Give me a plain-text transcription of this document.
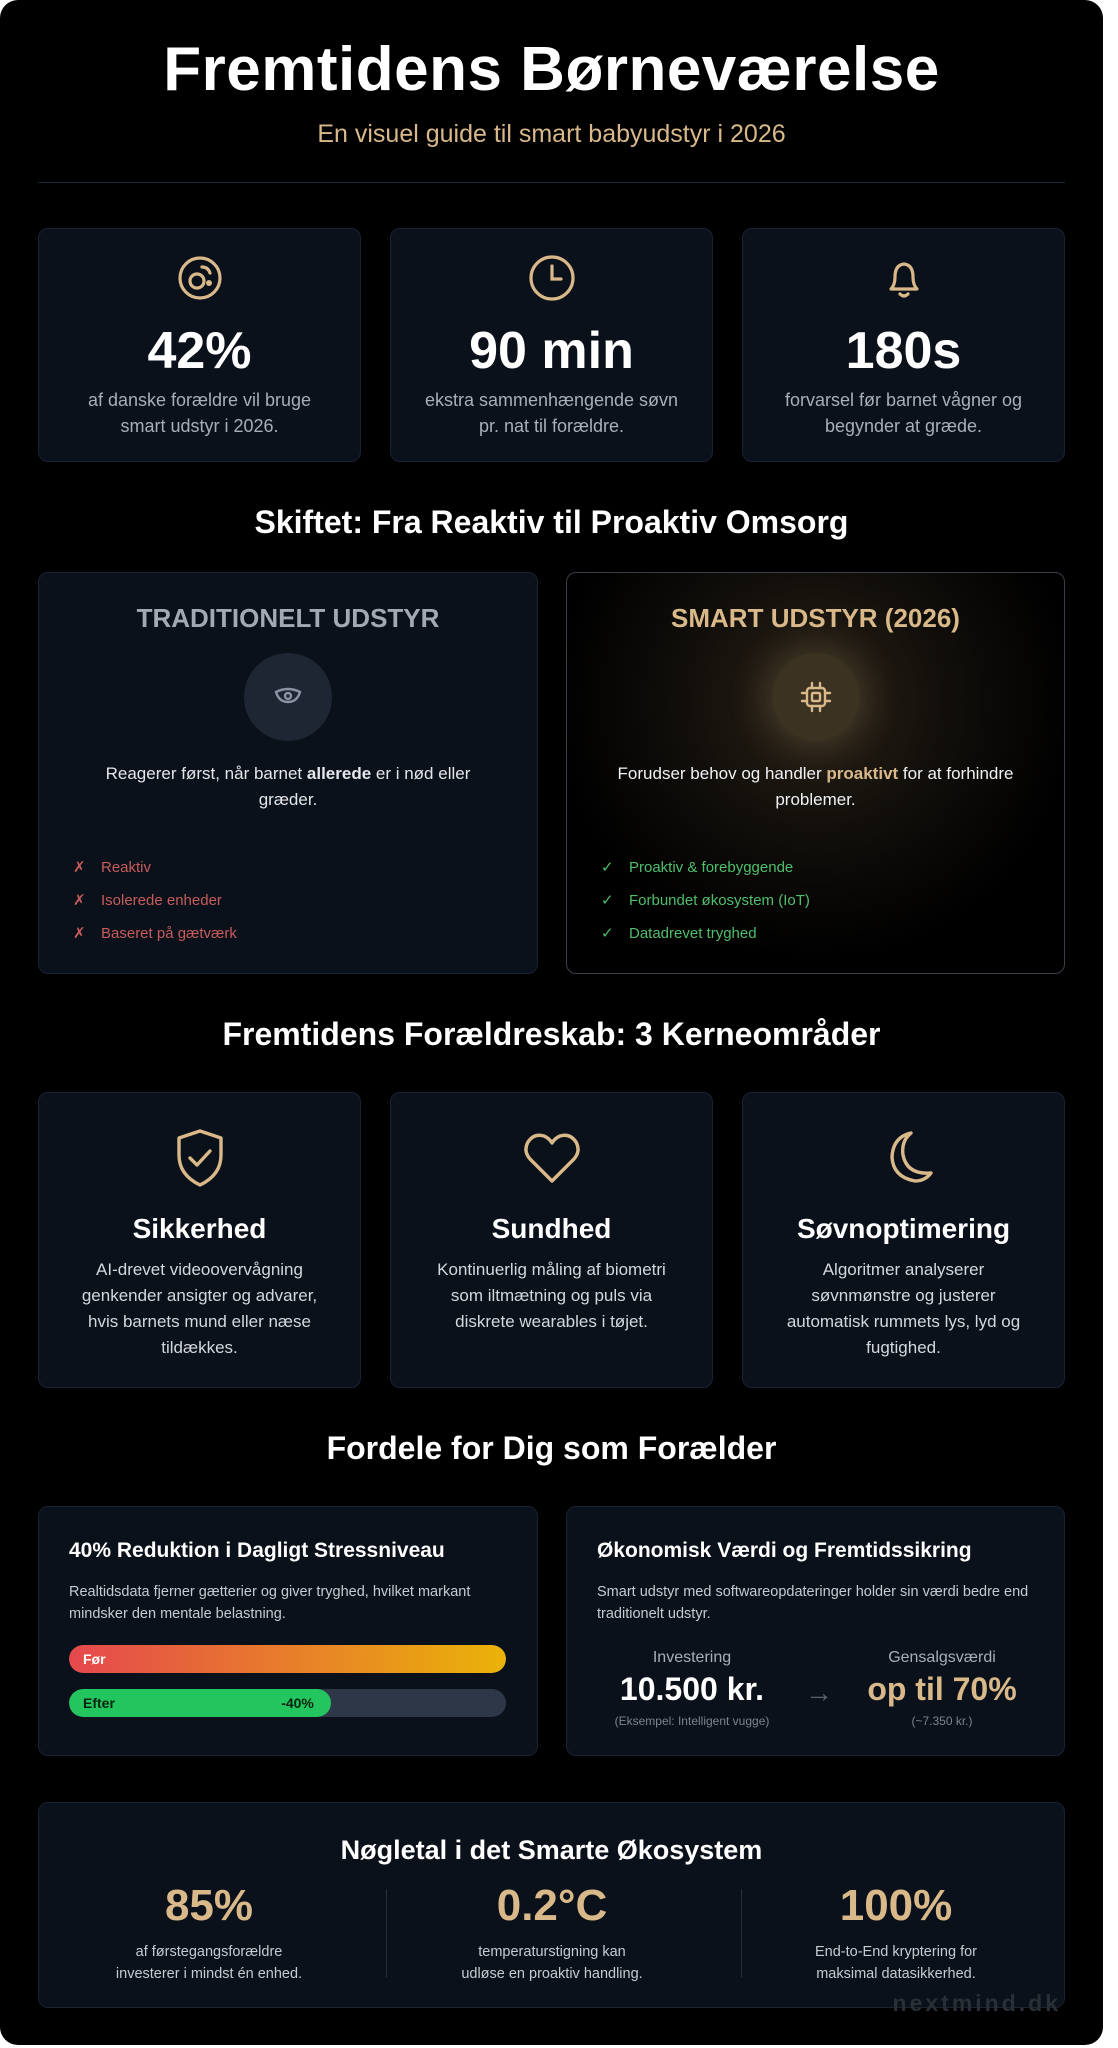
Fremtidens Børneværelse
En visuel guide til smart babyudstyr i 2026
42%
af danske forældre vil bruge smart udstyr i 2026.
90 min
ekstra sammenhængende søvn pr. nat til forældre.
180s
forvarsel før barnet vågner og begynder at græde.
Skiftet: Fra Reaktiv til Proaktiv Omsorg
TRADITIONELT UDSTYR
Reagerer først, når barnet allerede er i nød eller græder.
✗ Reaktiv
✗ Isolerede enheder
✗ Baseret på gætværk
SMART UDSTYR (2026)
Forudser behov og handler proaktivt for at forhindre problemer.
✓ Proaktiv & forebyggende
✓ Forbundet økosystem (IoT)
✓ Datadrevet tryghed
Fremtidens Forældreskab: 3 Kerneområder
Sikkerhed
AI-drevet videoovervågning genkender ansigter og advarer, hvis barnets mund eller næse tildækkes.
Sundhed
Kontinuerlig måling af biometri som iltmætning og puls via diskrete wearables i tøjet.
Søvnoptimering
Algoritmer analyserer søvnmønstre og justerer automatisk rummets lys, lyd og fugtighed.
Fordele for Dig som Forælder
40% Reduktion i Dagligt Stressniveau
Realtidsdata fjerner gætterier og giver tryghed, hvilket markant mindsker den mentale belastning.
Før
Efter	-40%
Økonomisk Værdi og Fremtidssikring
Smart udstyr med softwareopdateringer holder sin værdi bedre end traditionelt udstyr.
Investering
10.500 kr.
(Eksempel: Intelligent vugge)
→
Gensalgsværdi
op til 70%
(~7.350 kr.)
Nøgletal i det Smarte Økosystem
85%
af førstegangsforældre
investerer i mindst én enhed.
0.2°C
temperaturstigning kan
udløse en proaktiv handling.
100%
End-to-End kryptering for
maksimal datasikkerhed.
nextmind.dk
